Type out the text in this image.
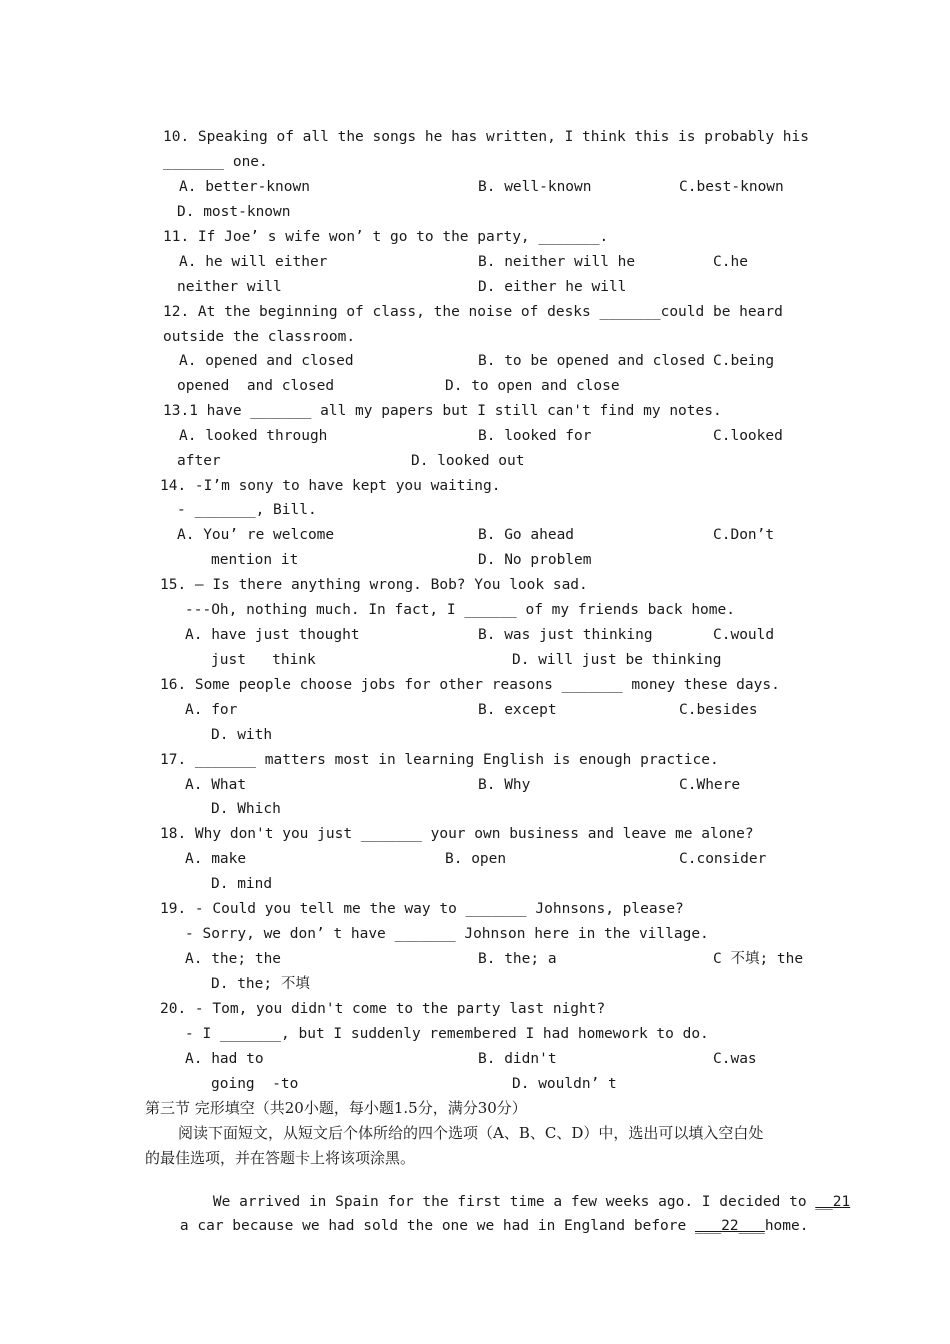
10. Speaking of all the songs he has written, I think this is probably his
_______ one.
A. better-known	B. well-known	C.best-known
D. most-known
11. If Joe’ s wife won’ t go to the party, _______.
A. he will either	B. neither will he	C.he
neither will	D. either he will
12. At the beginning of class, the noise of desks _______could be heard
outside the classroom.
A. opened and closed	B. to be opened and closed C.being
opened  and closed	D. to open and close
13.1 have _______ all my papers but I still can't find my notes.
A. looked through	B. looked for	C.looked
after	D. looked out
14. -I’m sony to have kept you waiting.
- _______, Bill.
A. You’ re welcome	B. Go ahead	C.Don’t
mention it	D. No problem
15. — Is there anything wrong. Bob? You look sad.
---Oh, nothing much. In fact, I ______ of my friends back home.
A. have just thought	B. was just thinking	C.would
just   think	D. will just be thinking
16. Some people choose jobs for other reasons _______ money these days.
A. for	B. except	C.besides
D. with
17. _______ matters most in learning English is enough practice.
A. What	B. Why	C.Where
D. Which
18. Why don't you just _______ your own business and leave me alone?
A. make	B. open	C.consider
D. mind
19. - Could you tell me the way to _______ Johnsons, please?
- Sorry, we don’ t have _______ Johnson here in the village.
A. the; the	B. the; a	C 不填; the
D. the; 不填
20. - Tom, you didn't come to the party last night?
- I _______, but I suddenly remembered I had homework to do.
A. had to	B. didn't	C.was
going  -to	D. wouldn’ t
第三节 完形填空（共20小题，每小题1.5分，满分30分）
阅读下面短文，从短文后个体所给的四个选项（A、B、C、D）中，选出可以填入空白处
的最佳选项，并在答题卡上将该项涂黑。

We arrived in Spain for the first time a few weeks ago. I decided to __21

a car because we had sold the one we had in England before ___22___home.
